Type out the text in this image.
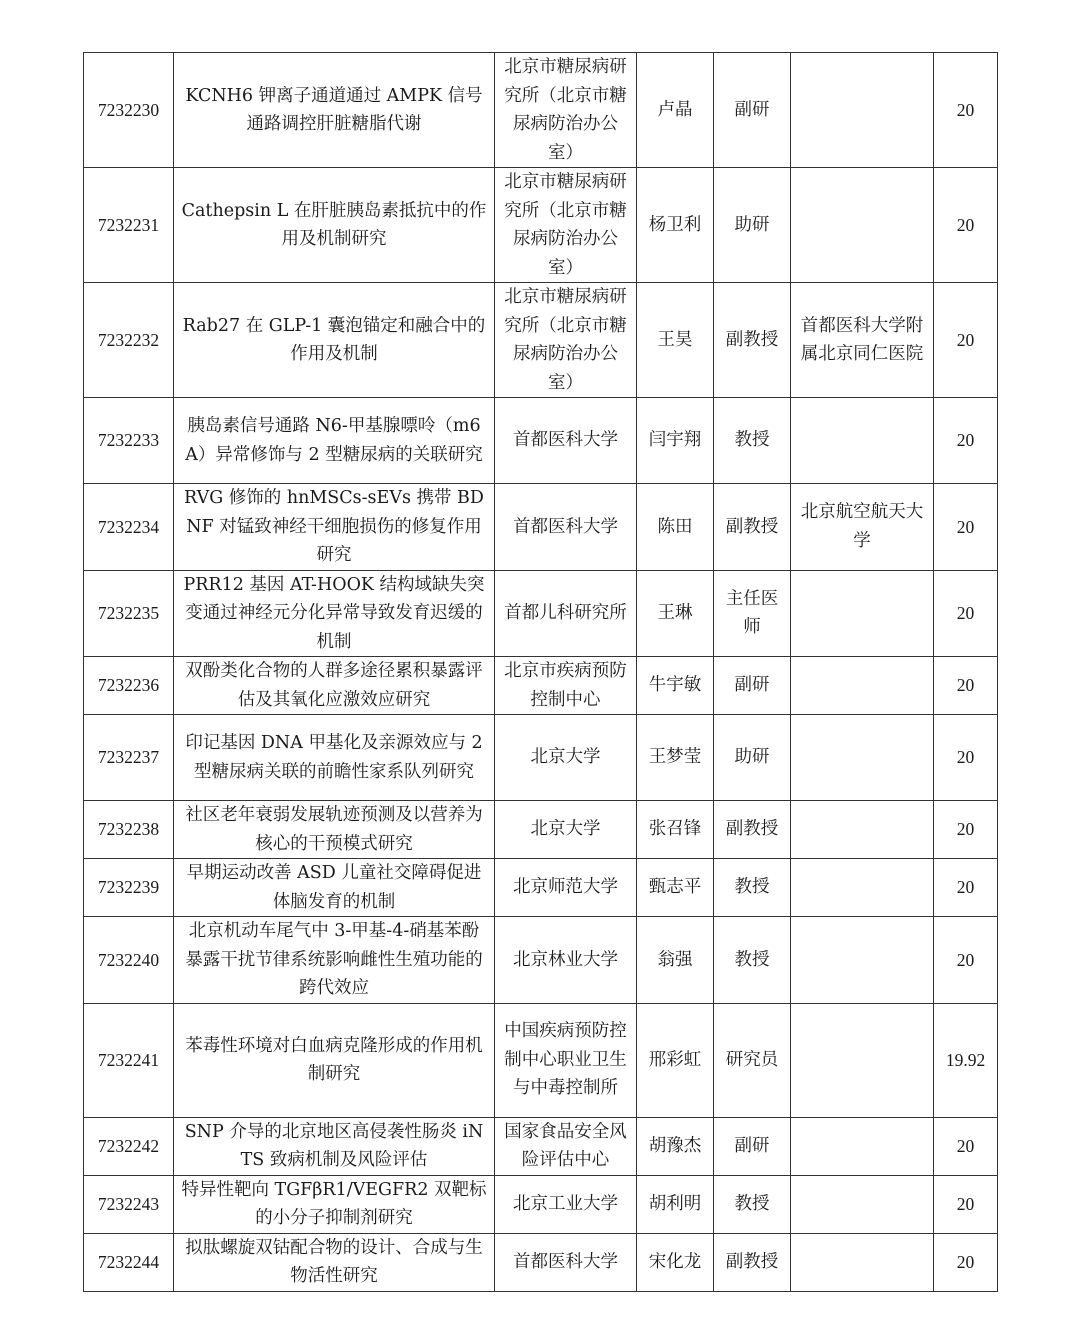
7232230	KCNH6 钾离子通道通过 AMPK 信号通路调控肝脏糖脂代谢	北京市糖尿病研究所（北京市糖尿病防治办公室）	卢晶	副研		20
7232231	Cathepsin L 在肝脏胰岛素抵抗中的作用及机制研究	北京市糖尿病研究所（北京市糖尿病防治办公室）	杨卫利	助研		20
7232232	Rab27 在 GLP-1 囊泡锚定和融合中的作用及机制	北京市糖尿病研究所（北京市糖尿病防治办公室）	王昊	副教授	首都医科大学附属北京同仁医院	20
7232233	胰岛素信号通路 N6-甲基腺嘌呤（m6A）异常修饰与 2 型糖尿病的关联研究	首都医科大学	闫宇翔	教授		20
7232234	RVG 修饰的 hnMSCs-sEVs 携带 BDNF 对锰致神经干细胞损伤的修复作用研究	首都医科大学	陈田	副教授	北京航空航天大学	20
7232235	PRR12 基因 AT-HOOK 结构域缺失突变通过神经元分化异常导致发育迟缓的机制	首都儿科研究所	王琳	主任医师		20
7232236	双酚类化合物的人群多途径累积暴露评估及其氧化应激效应研究	北京市疾病预防控制中心	牛宇敏	副研		20
7232237	印记基因 DNA 甲基化及亲源效应与 2 型糖尿病关联的前瞻性家系队列研究	北京大学	王梦莹	助研		20
7232238	社区老年衰弱发展轨迹预测及以营养为核心的干预模式研究	北京大学	张召锋	副教授		20
7232239	早期运动改善 ASD 儿童社交障碍促进体脑发育的机制	北京师范大学	甄志平	教授		20
7232240	北京机动车尾气中 3-甲基-4-硝基苯酚暴露干扰节律系统影响雌性生殖功能的跨代效应	北京林业大学	翁强	教授		20
7232241	苯毒性环境对白血病克隆形成的作用机制研究	中国疾病预防控制中心职业卫生与中毒控制所	邢彩虹	研究员		19.92
7232242	SNP 介导的北京地区高侵袭性肠炎 iNTS 致病机制及风险评估	国家食品安全风险评估中心	胡豫杰	副研		20
7232243	特异性靶向 TGFβR1/VEGFR2 双靶标的小分子抑制剂研究	北京工业大学	胡利明	教授		20
7232244	拟肽螺旋双钴配合物的设计、合成与生物活性研究	首都医科大学	宋化龙	副教授		20
